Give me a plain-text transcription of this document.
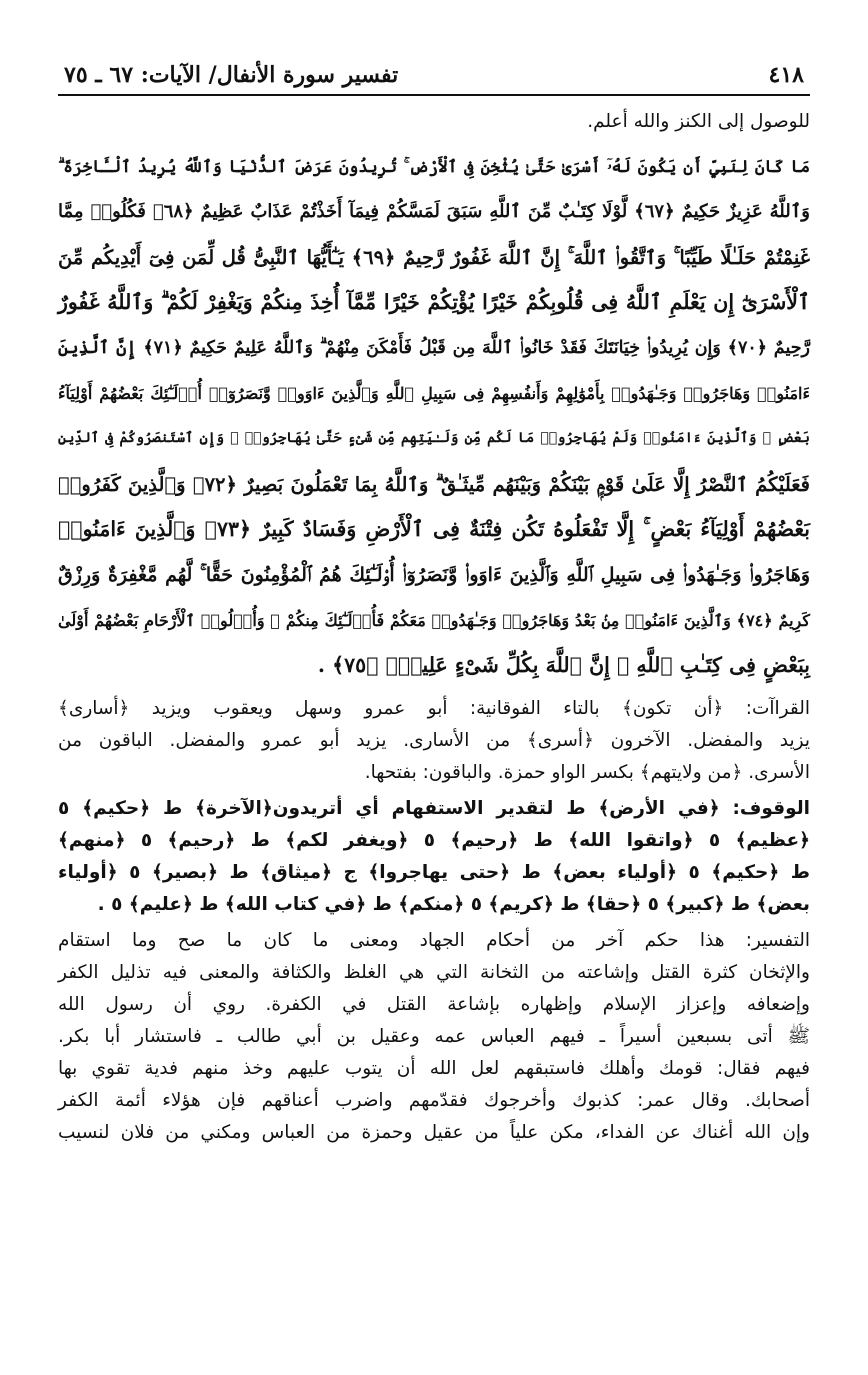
٤١٨
تفسير سورة الأنفال/ الآيات: ٦٧ ـ ٧٥
للوصول إلى الكنز والله أعلم.
مَا كَانَ لِنَبِيٍّ أَن يَكُونَ لَهُۥٓ أَسْرَىٰ حَتَّىٰ يُثْخِنَ فِى ٱلْأَرْضِ ۚ تُرِيدُونَ عَرَضَ ٱلدُّنْيَا وَٱللَّهُ يُرِيدُ ٱلْـَٔاخِرَةَ ۗ
وَٱللَّهُ عَزِيزٌ حَكِيمٌ ﴿٦٧﴾ لَّوْلَا كِتَـٰبٌ مِّنَ ٱللَّهِ سَبَقَ لَمَسَّكُمْ فِيمَآ أَخَذْتُمْ عَذَابٌ عَظِيمٌ ﴿٦٨﴾ فَكُلُوا۟ مِمَّا
غَنِمْتُمْ حَلَـٰلًا طَيِّبًا ۚ وَٱتَّقُوا۟ ٱللَّهَ ۚ إِنَّ ٱللَّهَ غَفُورٌ رَّحِيمٌ ﴿٦٩﴾ يَـٰٓأَيُّهَا ٱلنَّبِىُّ قُل لِّمَن فِىٓ أَيْدِيكُم مِّنَ
ٱلْأَسْرَىٰٓ إِن يَعْلَمِ ٱللَّهُ فِى قُلُوبِكُمْ خَيْرًا يُؤْتِكُمْ خَيْرًا مِّمَّآ أُخِذَ مِنكُمْ وَيَغْفِرْ لَكُمْ ۗ وَٱللَّهُ غَفُورٌ
رَّحِيمٌ ﴿٧٠﴾ وَإِن يُرِيدُوا۟ خِيَانَتَكَ فَقَدْ خَانُوا۟ ٱللَّهَ مِن قَبْلُ فَأَمْكَنَ مِنْهُمْ ۗ وَٱللَّهُ عَلِيمٌ حَكِيمٌ ﴿٧١﴾ إِنَّ ٱلَّذِينَ
ءَامَنُوا۟ وَهَاجَرُوا۟ وَجَـٰهَدُوا۟ بِأَمْوَٰلِهِمْ وَأَنفُسِهِمْ فِى سَبِيلِ ٱللَّهِ وَٱلَّذِينَ ءَاوَوا۟ وَّنَصَرُوٓا۟ أُو۟لَـٰٓئِكَ بَعْضُهُمْ أَوْلِيَآءُ
بَعْضٍ ۚ وَٱلَّذِينَ ءَامَنُوا۟ وَلَمْ يُهَاجِرُوا۟ مَا لَكُم مِّن وَلَـٰيَتِهِم مِّن شَىْءٍ حَتَّىٰ يُهَاجِرُوا۟ ۚ وَإِنِ ٱسْتَنصَرُوكُمْ فِى ٱلدِّينِ
فَعَلَيْكُمُ ٱلنَّصْرُ إِلَّا عَلَىٰ قَوْمٍۭ بَيْنَكُمْ وَبَيْنَهُم مِّيثَـٰقٌ ۗ وَٱللَّهُ بِمَا تَعْمَلُونَ بَصِيرٌ ﴿٧٢﴾ وَٱلَّذِينَ كَفَرُوا۟
بَعْضُهُمْ أَوْلِيَآءُ بَعْضٍ ۚ إِلَّا تَفْعَلُوهُ تَكُن فِتْنَةٌ فِى ٱلْأَرْضِ وَفَسَادٌ كَبِيرٌ ﴿٧٣﴾ وَٱلَّذِينَ ءَامَنُوا۟
وَهَاجَرُوا۟ وَجَـٰهَدُوا۟ فِى سَبِيلِ ٱللَّهِ وَٱلَّذِينَ ءَاوَوا۟ وَّنَصَرُوٓا۟ أُو۟لَـٰٓئِكَ هُمُ ٱلْمُؤْمِنُونَ حَقًّا ۚ لَّهُم مَّغْفِرَةٌ وَرِزْقٌ
كَرِيمٌ ﴿٧٤﴾ وَٱلَّذِينَ ءَامَنُوا۟ مِنۢ بَعْدُ وَهَاجَرُوا۟ وَجَـٰهَدُوا۟ مَعَكُمْ فَأُو۟لَـٰٓئِكَ مِنكُمْ ۚ وَأُو۟لُوا۟ ٱلْأَرْحَامِ بَعْضُهُمْ أَوْلَىٰ
بِبَعْضٍ فِى كِتَـٰبِ ٱللَّهِ ۗ إِنَّ ٱللَّهَ بِكُلِّ شَىْءٍ عَلِيمٌۢ ﴿٧٥﴾ .
القراآت: ﴿أن تكون﴾ بالتاء الفوقانية: أبو عمرو وسهل ويعقوب ويزيد ﴿أسارى﴾
يزيد والمفضل. الآخرون ﴿أسرى﴾ من الأسارى. يزيد أبو عمرو والمفضل. الباقون من
الأسرى. ﴿من ولايتهم﴾ بكسر الواو حمزة. والباقون: بفتحها.
الوقوف: ﴿في الأرض﴾ ط لتقدير الاستفهام أي أتريدون﴿الآخرة﴾ ط ﴿حكيم﴾ ٥
﴿عظيم﴾ ٥ ﴿واتقوا الله﴾ ط ﴿رحيم﴾ ٥ ﴿ويغفر لكم﴾ ط ﴿رحيم﴾ ٥ ﴿منهم﴾
ط ﴿حكيم﴾ ٥ ﴿أولياء بعض﴾ ط ﴿حتى يهاجروا﴾ ج ﴿ميثاق﴾ ط ﴿بصير﴾ ٥ ﴿أولياء
بعض﴾ ط ﴿كبير﴾ ٥ ﴿حقا﴾ ط ﴿كريم﴾ ٥ ﴿منكم﴾ ط ﴿في كتاب الله﴾ ط ﴿عليم﴾ ٥ .
التفسير: هذا حكم آخر من أحكام الجهاد ومعنى ما كان ما صح وما استقام
والإثخان كثرة القتل وإشاعته من الثخانة التي هي الغلظ والكثافة والمعنى فيه تذليل الكفر
وإضعافه وإعزاز الإسلام وإظهاره بإشاعة القتل في الكفرة. روي أن رسول الله
ﷺ أتى بسبعين أسيراً ـ فيهم العباس عمه وعقيل بن أبي طالب ـ فاستشار أبا بكر.
فيهم فقال: قومك وأهلك فاستبقهم لعل الله أن يتوب عليهم وخذ منهم فدية تقوي بها
أصحابك. وقال عمر: كذبوك وأخرجوك فقدّمهم واضرب أعناقهم فإن هؤلاء أئمة الكفر
وإن الله أغناك عن الفداء، مكن علياً من عقيل وحمزة من العباس ومكني من فلان لنسيب
